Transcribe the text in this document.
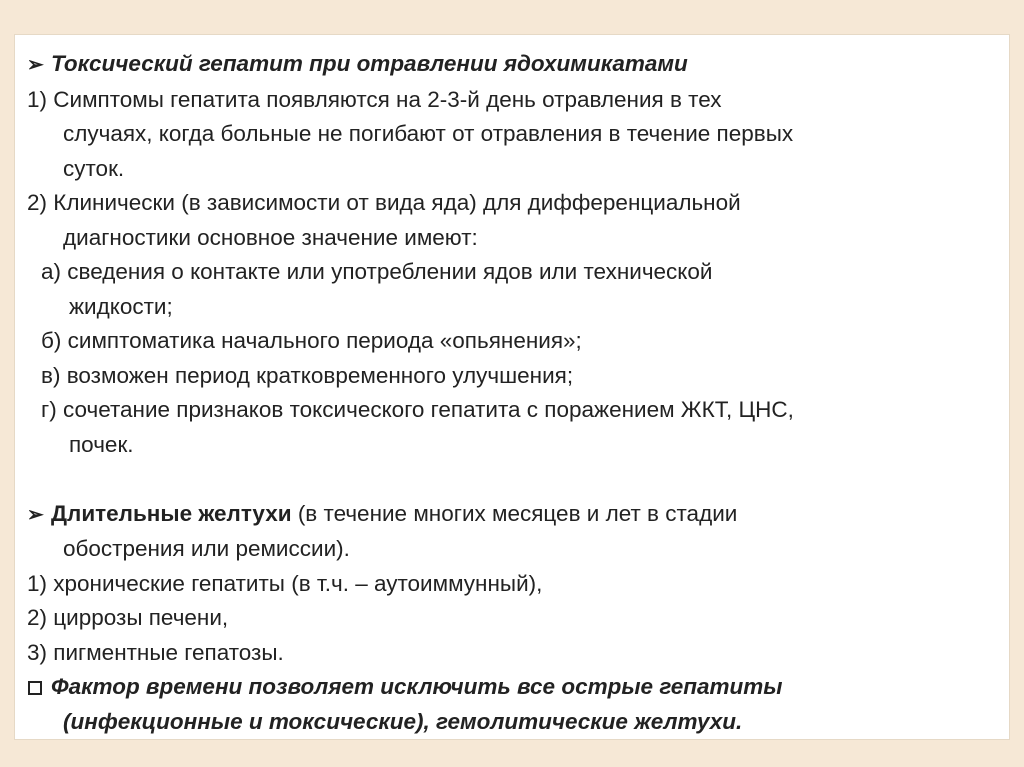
➢ Токсический гепатит при отравлении ядохимикатами
1) Симптомы гепатита появляются на 2-3-й день отравления в тех
случаях, когда больные не погибают от отравления в течение первых
суток.
2) Клинически (в зависимости от вида яда) для дифференциальной
диагностики основное значение имеют:
а) сведения о контакте или употреблении ядов или технической
жидкости;
б) симптоматика начального периода «опьянения»;
в) возможен период кратковременного улучшения;
г) сочетание признаков токсического гепатита с поражением ЖКТ, ЦНС,
почек.
➢ Длительные желтухи (в течение многих месяцев и лет в стадии
обострения или ремиссии).
1) хронические гепатиты (в т.ч. – аутоиммунный),
2) циррозы печени,
3) пигментные гепатозы.
Фактор времени позволяет исключить все острые гепатиты
(инфекционные и токсические), гемолитические желтухи.
